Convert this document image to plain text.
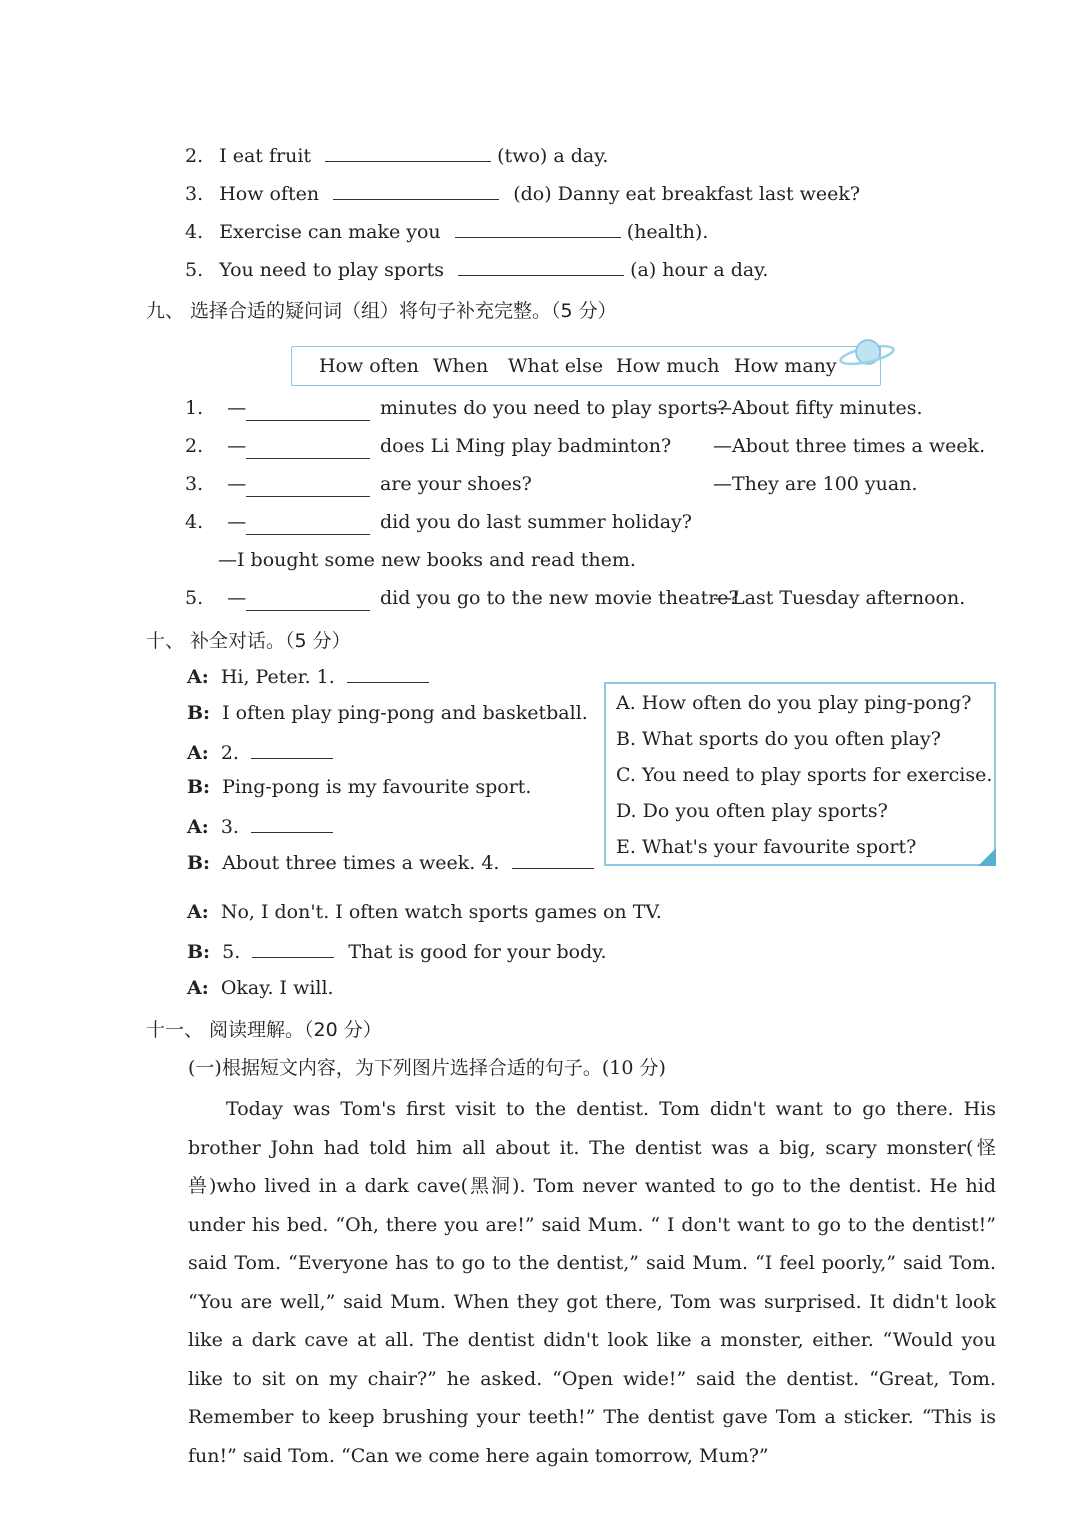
2. I eat fruit	(two) a day.
3. How often	(do) Danny eat breakfast last week?
4. Exercise can make you	(health).
5. You need to play sports	(a) hour a day.
九、 选择合适的疑问词（组）将句子补充完整。（5 分）
How often When What else How much How many
1. —	minutes do you need to play sports?
—About fifty minutes.
2. —	does Li Ming play badminton? —About three times a week.
3. —	are your shoes?	—They are 100 yuan.
4. —	did you do last summer holiday?
—I bought some new books and read them.
5. —	did you go to the new movie theatre?
—Last Tuesday afternoon.
十、 补全对话。（5 分）
A: Hi, Peter. 1.
B: I often play ping-pong and basketball.
A: 2.
B: Ping-pong is my favourite sport.
A: 3.
B: About three times a week. 4.
A. How often do you play ping-pong?
B. What sports do you often play?
C. You need to play sports for exercise.
D. Do you often play sports?
E. What's your favourite sport?
A: No, I don't. I often watch sports games on TV.
B: 5.	That is good for your body.
A: Okay. I will.
十一、 阅读理解。（20 分）
(一)根据短文内容，为下列图片选择合适的句子。(10 分)
Today was Tom's first visit to the dentist. Tom didn't want to go there. His brother John had told him all about it. The dentist was a big, scary monster(怪兽)who lived in a dark cave(黑洞). Tom never wanted to go to the dentist. He hid under his bed. “Oh, there you are!” said Mum. “ I don't want to go to the dentist!” said Tom. “Everyone has to go to the dentist,” said Mum. “I feel poorly,” said Tom. “You are well,” said Mum. When they got there, Tom was surprised. It didn't look like a dark cave at all. The dentist didn't look like a monster, either. “Would you like to sit on my chair?” he asked. “Open wide!” said the dentist. “Great, Tom. Remember to keep brushing your teeth!” The dentist gave Tom a sticker. “This is fun!” said Tom. “Can we come here again tomorrow, Mum?”
